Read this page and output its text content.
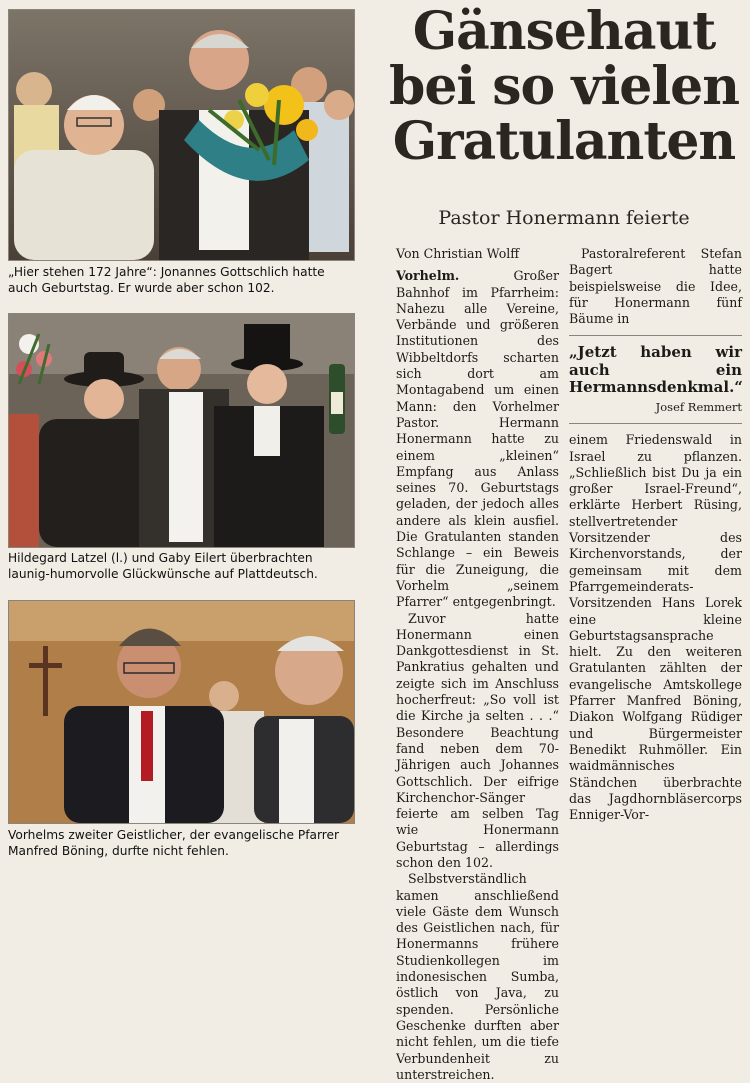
„Hier stehen 172 Jahre“: Jonannes Gottschlich hatte auch Geburtstag. Er wurde aber schon 102.
Hildegard Latzel (l.) und Gaby Eilert überbrachten launig-humorvolle Glückwünsche auf Plattdeutsch.
Vorhelms zweiter Geistlicher, der evangelische Pfarrer Manfred Böning, durfte nicht fehlen.
Gänsehaut bei so vielen Gratulanten
Pastor Honermann feierte
Von Christian Wolff

Vorhelm.	Großer Bahnhof im Pfarrheim: Nahezu alle Vereine, Verbände und größeren Institutionen des Wibbeltdorfs scharten sich dort am Montagabend um einen Mann: den Vorhelmer Pastor. Hermann Honermann hatte zu einem „kleinen“ Empfang aus Anlass seines 70. Geburtstags geladen, der jedoch alles andere als klein ausfiel. Die Gratulanten standen Schlange – ein Beweis für die Zuneigung, die Vorhelm „seinem Pfarrer“ entgegenbringt.

Zuvor hatte Honermann einen Dankgottesdienst in St. Pankratius gehalten und zeigte sich im Anschluss hocherfreut: „So voll ist die Kirche ja selten . . .“ Besondere Beachtung fand neben dem 70-Jährigen auch Johannes Gottschlich. Der eifrige Kirchenchor-Sänger feierte am selben Tag wie Honermann Geburtstag – allerdings schon den 102.

Selbstverständlich kamen anschließend viele Gäste dem Wunsch des Geistlichen nach, für Honermanns frühere Studienkollegen im indonesischen Sumba, östlich von Java, zu spenden. Persönliche Geschenke durften aber nicht fehlen, um die tiefe Verbundenheit zu unterstreichen.

Pastoralreferent Stefan Bagert hatte beispielsweise die Idee, für Honermann fünf Bäume in

„Jetzt haben wir auch ein Hermannsdenkmal.“
Josef Remmert

einem Friedenswald in Israel zu pflanzen. „Schließlich bist Du ja ein großer Israel-Freund“, erklärte Herbert Rüsing, stellvertretender Vorsitzender des Kirchenvorstands, der gemeinsam mit dem Pfarrgemeinderats-Vorsitzenden Hans Lorek eine kleine Geburtstagsansprache hielt. Zu den weiteren Gratulanten zählten der evangelische Amtskollege Pfarrer Manfred Böning, Diakon Wolfgang Rüdiger und Bürgermeister Benedikt Ruhmöller. Ein waidmännisches Ständchen überbrachte das Jagdhornbläsercorps Enniger-Vor-
